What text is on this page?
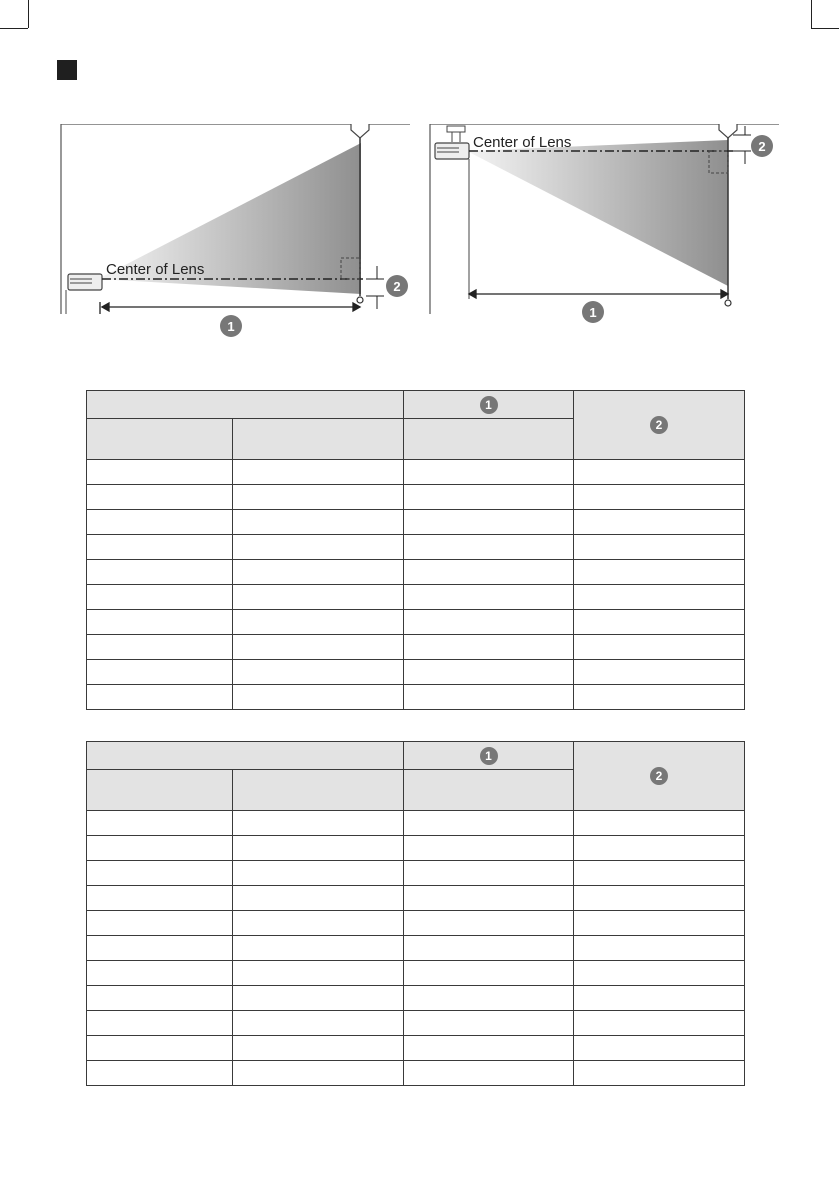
Center of Lens
2
1
Center of Lens	2
1
		1	2

		1	2
